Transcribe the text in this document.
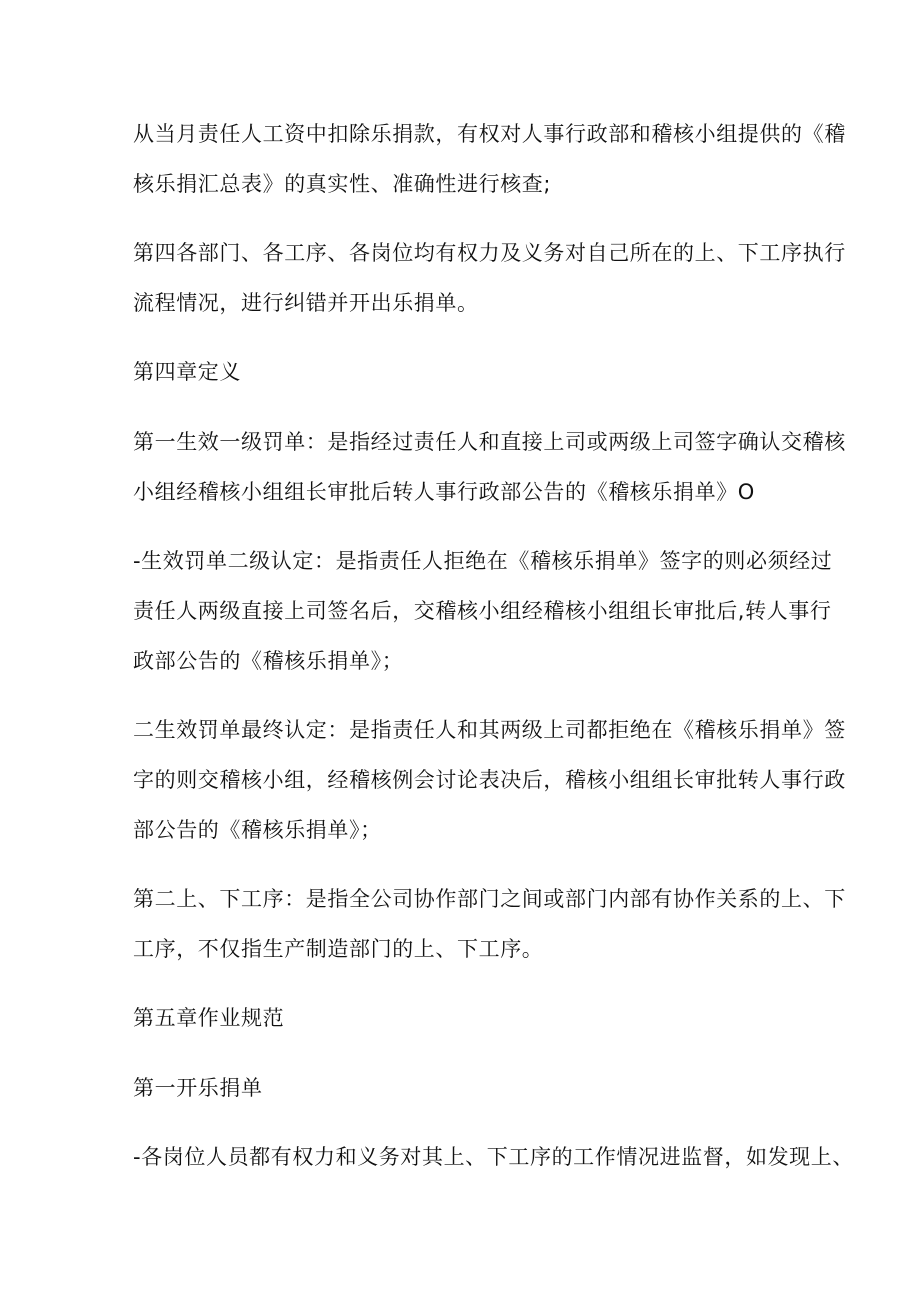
从当月责任人工资中扣除乐捐款，有权对人事行政部和稽核小组提供的《稽
核乐捐汇总表》的真实性、准确性进行核查;
第四各部门、各工序、各岗位均有权力及义务对自己所在的上、下工序执行
流程情况，进行纠错并开出乐捐单。
第四章定义
第一生效一级罚单：是指经过责任人和直接上司或两级上司签字确认交稽核
小组经稽核小组组长审批后转人事行政部公告的《稽核乐捐单》O
-生效罚单二级认定：是指责任人拒绝在《稽核乐捐单》签字的则必须经过
责任人两级直接上司签名后，交稽核小组经稽核小组组长审批后,转人事行
政部公告的《稽核乐捐单》；
二生效罚单最终认定：是指责任人和其两级上司都拒绝在《稽核乐捐单》签
字的则交稽核小组，经稽核例会讨论表决后，稽核小组组长审批转人事行政
部公告的《稽核乐捐单》；
第二上、下工序：是指全公司协作部门之间或部门内部有协作关系的上、下
工序，不仅指生产制造部门的上、下工序。
第五章作业规范
第一开乐捐单
-各岗位人员都有权力和义务对其上、下工序的工作情况进监督，如发现上、
